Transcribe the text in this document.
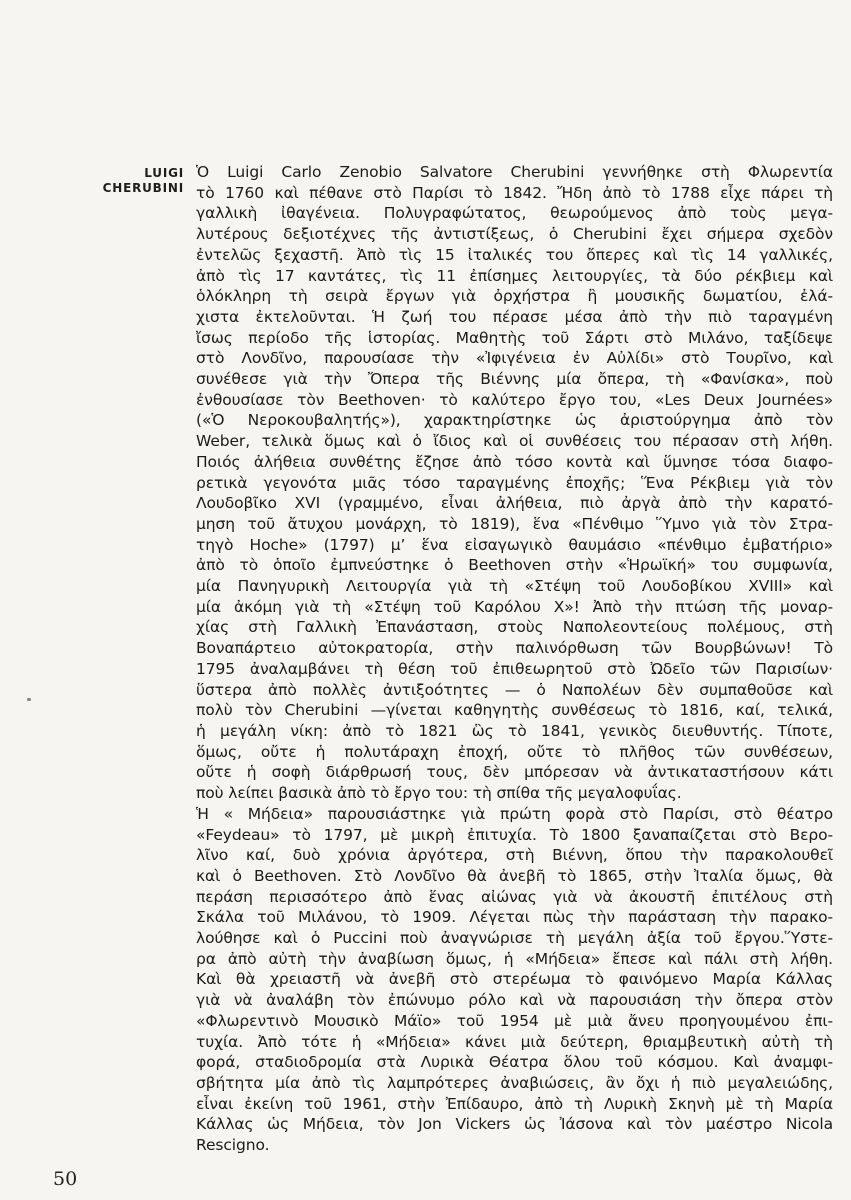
LUIGI
CHERUBINI
Ὁ Luigi Carlo Zenobio Salvatore Cherubini γεννήθηκε στὴ Φλωρεντία
τὸ 1760 καὶ πέθανε στὸ Παρίσι τὸ 1842. Ἤδη ἀπὸ τὸ 1788 εἶχε πάρει τὴ
γαλλικὴ ἰθαγένεια. Πολυγραφώτατος, θεωρούμενος ἀπὸ τοὺς μεγα-
λυτέρους δεξιοτέχνες τῆς ἀντιστίξεως, ὁ Cherubini ἔχει σήμερα σχεδὸν
ἐντελῶς ξεχαστῆ. Ἀπὸ τὶς 15 ἰταλικές του ὄπερες καὶ τὶς 14 γαλλικές,
ἀπὸ τὶς 17 καντάτες, τὶς 11 ἐπίσημες λειτουργίες, τὰ δύο ρέκβιεμ καὶ
ὁλόκληρη τὴ σειρὰ ἔργων γιὰ ὀρχήστρα ἢ μουσικῆς δωματίου, ἐλά-
χιστα ἐκτελοῦνται. Ἡ ζωή του πέρασε μέσα ἀπὸ τὴν πιὸ ταραγμένη
ἴσως περίοδο τῆς ἱστορίας. Μαθητὴς τοῦ Σάρτι στὸ Μιλάνο, ταξίδεψε
στὸ Λονδῖνο, παρουσίασε τὴν «Ἰφιγένεια ἐν Αὐλίδι» στὸ Τουρῖνο, καὶ
συνέθεσε γιὰ τὴν Ὄπερα τῆς Βιέννης μία ὄπερα, τὴ «Φανίσκα», ποὺ
ἐνθουσίασε τὸν Beethoven· τὸ καλύτερο ἔργο του, «Les Deux Journées»
(«Ὁ Νεροκουβαλητής»), χαρακτηρίστηκε ὡς ἀριστούργημα ἀπὸ τὸν
Weber, τελικὰ ὅμως καὶ ὁ ἴδιος καὶ οἱ συνθέσεις του πέρασαν στὴ λήθη.
Ποιός ἀλήθεια συνθέτης ἔζησε ἀπὸ τόσο κοντὰ καὶ ὕμνησε τόσα διαφο-
ρετικὰ γεγονότα μιᾶς τόσο ταραγμένης ἐποχῆς; Ἕνα Ρέκβιεμ γιὰ τὸν
Λουδοβῖκο XVI (γραμμένο, εἶναι ἀλήθεια, πιὸ ἀργὰ ἀπὸ τὴν καρατό-
μηση τοῦ ἄτυχου μονάρχη, τὸ 1819), ἕνα «Πένθιμο Ὕμνο γιὰ τὸν Στρα-
τηγὸ Hoche» (1797) μ’ ἕνα εἰσαγωγικὸ θαυμάσιο «πένθιμο ἐμβατήριο»
ἀπὸ τὸ ὁποῖο ἐμπνεύστηκε ὁ Beethoven στὴν «Ἡρωϊκή» του συμφωνία,
μία Πανηγυρικὴ Λειτουργία γιὰ τὴ «Στέψη τοῦ Λουδοβίκου XVIII» καὶ
μία ἀκόμη γιὰ τὴ «Στέψη τοῦ Καρόλου Χ»! Ἀπὸ τὴν πτώση τῆς μοναρ-
χίας στὴ Γαλλικὴ Ἐπανάσταση, στοὺς Ναπολεοντείους πολέμους, στὴ
Βοναπάρτειο αὐτοκρατορία, στὴν παλινόρθωση τῶν Βουρβώνων! Τὸ
1795 ἀναλαμβάνει τὴ θέση τοῦ ἐπιθεωρητοῦ στὸ Ὠδεῖο τῶν Παρισίων·
ὕστερα ἀπὸ πολλὲς ἀντιξοότητες — ὁ Ναπολέων δὲν συμπαθοῦσε καὶ
πολὺ τὸν Cherubini —γίνεται καθηγητὴς συνθέσεως τὸ 1816, καί, τελικά,
ἡ μεγάλη νίκη: ἀπὸ τὸ 1821 ὣς τὸ 1841, γενικὸς διευθυντής. Τίποτε,
ὅμως, οὔτε ἡ πολυτάραχη ἐποχή, οὔτε τὸ πλῆθος τῶν συνθέσεων,
οὔτε ἡ σοφὴ διάρθρωσή τους, δὲν μπόρεσαν νὰ ἀντικαταστήσουν κάτι
ποὺ λείπει βασικὰ ἀπὸ τὸ ἔργο του: τὴ σπίθα τῆς μεγαλοφυΐας.
Ἡ « Μήδεια» παρουσιάστηκε γιὰ πρώτη φορὰ στὸ Παρίσι, στὸ θέατρο
«Feydeau» τὸ 1797, μὲ μικρὴ ἐπιτυχία. Τὸ 1800 ξαναπαίζεται στὸ Βερο-
λῖνο καί, δυὸ χρόνια ἀργότερα, στὴ Βιέννη, ὅπου τὴν παρακολουθεῖ
καὶ ὁ Beethoven. Στὸ Λονδῖνο θὰ ἀνεβῆ τὸ 1865, στὴν Ἰταλία ὅμως, θὰ
περάση περισσότερο ἀπὸ ἕνας αἰώνας γιὰ νὰ ἀκουστῆ ἐπιτέλους στὴ
Σκάλα τοῦ Μιλάνου, τὸ 1909. Λέγεται πὼς τὴν παράσταση τὴν παρακο-
λούθησε καὶ ὁ Puccini ποὺ ἀναγνώρισε τὴ μεγάλη ἀξία τοῦ ἔργου.Ὕστε-
ρα ἀπὸ αὐτὴ τὴν ἀναβίωση ὅμως, ἡ «Μήδεια» ἔπεσε καὶ πάλι στὴ λήθη.
Καὶ θὰ χρειαστῆ νὰ ἀνεβῆ στὸ στερέωμα τὸ φαινόμενο Μαρία Κάλλας
γιὰ νὰ ἀναλάβη τὸν ἐπώνυμο ρόλο καὶ νὰ παρουσιάση τὴν ὄπερα στὸν
«Φλωρεντινὸ Μουσικὸ Μάϊο» τοῦ 1954 μὲ μιὰ ἄνευ προηγουμένου ἐπι-
τυχία. Ἀπὸ τότε ἡ «Μήδεια» κάνει μιὰ δεύτερη, θριαμβευτικὴ αὐτὴ τὴ
φορά, σταδιοδρομία στὰ Λυρικὰ Θέατρα ὅλου τοῦ κόσμου. Καὶ ἀναμφι-
σβήτητα μία ἀπὸ τὶς λαμπρότερες ἀναβιώσεις, ἂν ὄχι ἡ πιὸ μεγαλειώδης,
εἶναι ἐκείνη τοῦ 1961, στὴν Ἐπίδαυρο, ἀπὸ τὴ Λυρικὴ Σκηνὴ μὲ τὴ Μαρία
Κάλλας ὡς Μήδεια, τὸν Jon Vickers ὡς Ἰάσονα καὶ τὸν μαέστρο Nicola
Rescigno.
50
